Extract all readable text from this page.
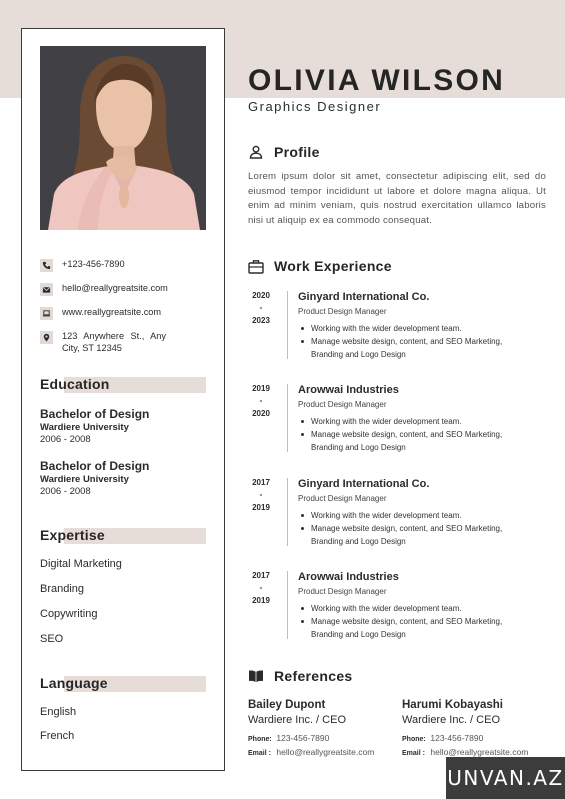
+123-456-7890
hello@reallygreatsite.com
www.reallygreatsite.com
123 Anywhere St., Any City, ST 12345
Education
Bachelor of Design
Wardiere University
2006 - 2008
Bachelor of Design
Wardiere University
2006 - 2008
Expertise
Digital Marketing
Branding
Copywriting
SEO
Language
English
French
OLIVIA WILSON
Graphics Designer
Profile
Lorem ipsum dolor sit amet, consectetur adipiscing elit, sed do eiusmod tempor incididunt ut labore et dolore magna aliqua. Ut enim ad minim veniam, quis nostrud exercitation ullamco laboris nisi ut aliquip ex ea commodo consequat.
Work Experience
2020
-
2023
Ginyard International Co.
Product Design Manager
Working with the wider development team.
Manage website design, content, and SEO Marketing, Branding and Logo Design
2019
-
2020
Arowwai Industries
Product Design Manager
Working with the wider development team.
Manage website design, content, and SEO Marketing, Branding and Logo Design
2017
-
2019
Ginyard International Co.
Product Design Manager
Working with the wider development team.
Manage website design, content, and SEO Marketing, Branding and Logo Design
2017
-
2019
Arowwai Industries
Product Design Manager
Working with the wider development team.
Manage website design, content, and SEO Marketing, Branding and Logo Design
References
Bailey Dupont
Wardiere Inc. / CEO
Phone: 123-456-7890
Email : hello@reallygreatsite.com
Harumi Kobayashi
Wardiere Inc. / CEO
Phone: 123-456-7890
Email : hello@reallygreatsite.com
UNVAN.AZ
